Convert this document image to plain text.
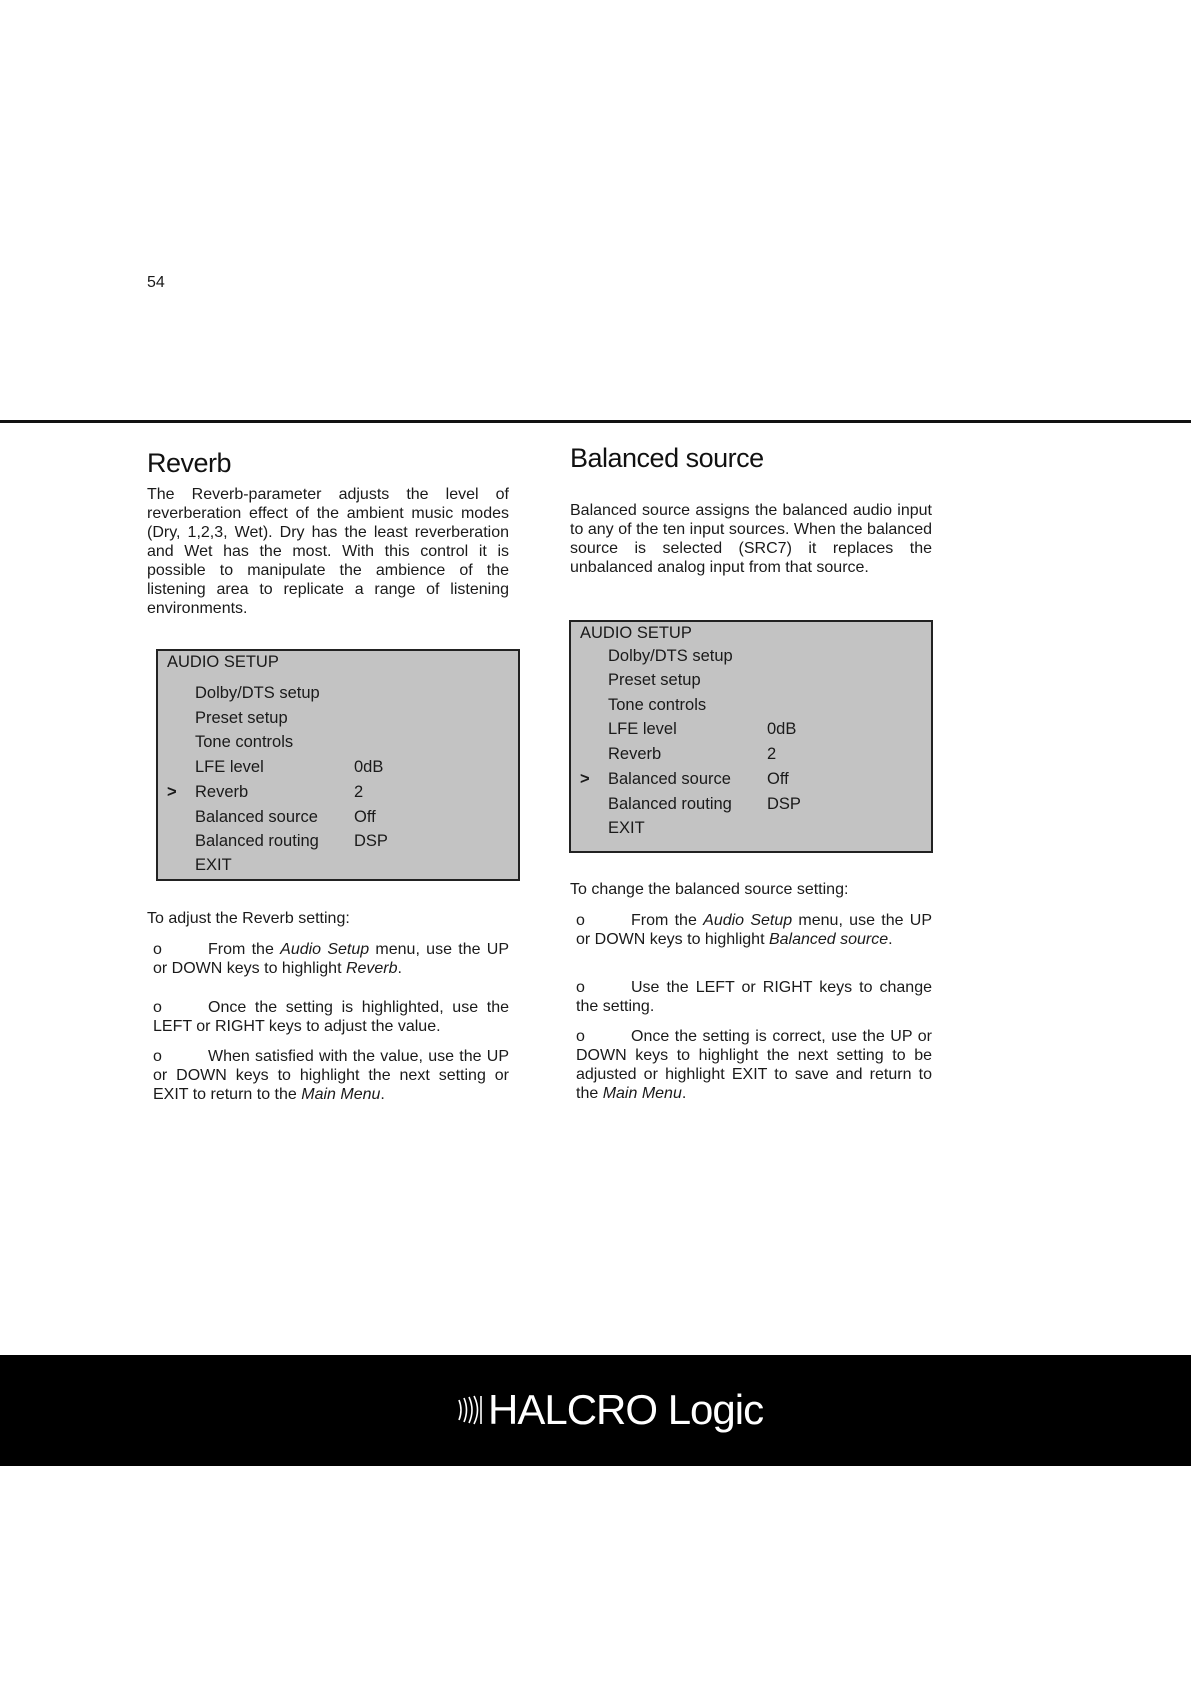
54
Reverb

The Reverb-parameter adjusts the level of reverberation effect of the ambient music modes (Dry, 1,2,3, Wet). Dry has the least reverberation and Wet has the most. With this control it is possible to manipulate the ambience of the listening area to replicate a range of listening environments.

AUDIO SETUP
Dolby/DTS setup
Preset setup
Tone controls
LFE level	0dB
> Reverb	2
Balanced source Off
Balanced routing DSP
EXIT

To adjust the Reverb setting:

o	From the Audio Setup menu, use the UP or DOWN keys to highlight Reverb.
o	Once the setting is highlighted, use the LEFT or RIGHT keys to adjust the value.
o	When satisfied with the value, use the UP or DOWN keys to highlight the next setting or EXIT to return to the Main Menu.
Balanced source

Balanced source assigns the balanced audio input to any of the ten input sources. When the balanced source is selected (SRC7) it replaces the unbalanced analog input from that source.

AUDIO SETUP
Dolby/DTS setup
Preset setup
Tone controls
LFE level	0dB
Reverb	2
> Balanced source Off
Balanced routing DSP
EXIT

To change the balanced source setting:

o	From the Audio Setup menu, use the UP or DOWN keys to highlight Balanced source.
o	Use the LEFT or RIGHT keys to change the setting.
o	Once the setting is correct, use the UP or DOWN keys to highlight the next setting to be adjusted or highlight EXIT to save and return to the Main Menu.
HALCRO Logic
